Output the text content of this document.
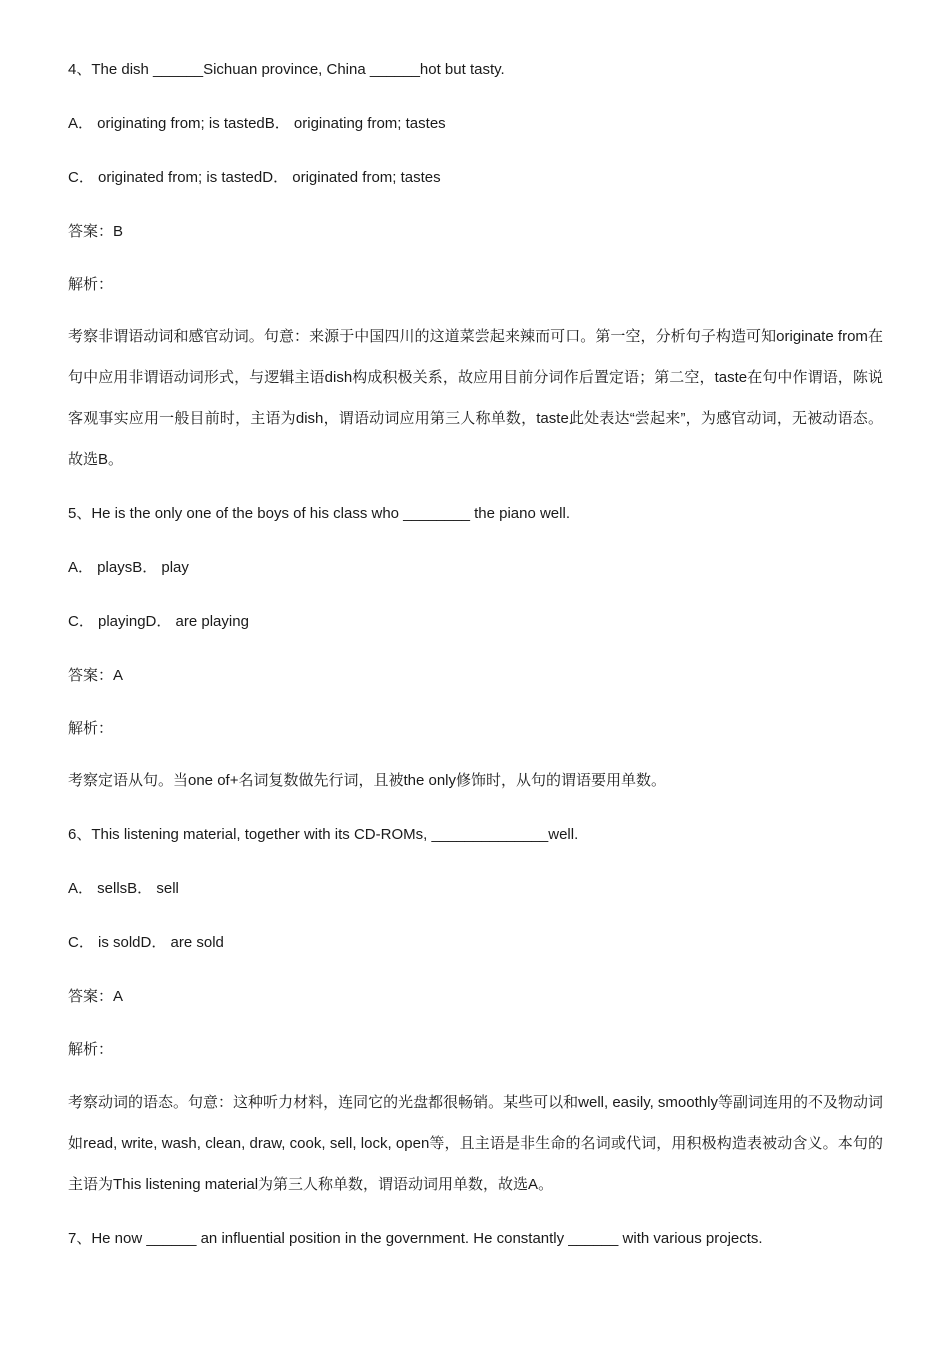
4、The dish ______Sichuan province, China ______hot but tasty.
A． originating from; is tastedB． originating from; tastes
C． originated from; is tastedD． originated from; tastes
答案：B
解析：
考察非谓语动词和感官动词。句意：来源于中国四川的这道菜尝起来辣而可口。第一空，分析句子构造可知originate from在句中应用非谓语动词形式，与逻辑主语dish构成积极关系，故应用目前分词作后置定语；第二空，taste在句中作谓语，陈说客观事实应用一般目前时，主语为dish，谓语动词应用第三人称单数，taste此处表达“尝起来”，为感官动词，无被动语态。故选B。
5、He is the only one of the boys of his class who ________ the piano well.
A． playsB． play
C． playingD． are playing
答案：A
解析：
考察定语从句。当one of+名词复数做先行词，且被the only修饰时，从句的谓语要用单数。
6、This listening material, together with its CD-ROMs, ______________well.
A． sellsB． sell
C． is soldD． are sold
答案：A
解析：
考察动词的语态。句意：这种听力材料，连同它的光盘都很畅销。某些可以和well, easily, smoothly等副词连用的不及物动词如read, write, wash, clean, draw, cook, sell, lock, open等，且主语是非生命的名词或代词，用积极构造表被动含义。本句的主语为This listening material为第三人称单数，谓语动词用单数，故选A。
7、He now ______ an influential position in the government. He constantly ______ with various projects.
